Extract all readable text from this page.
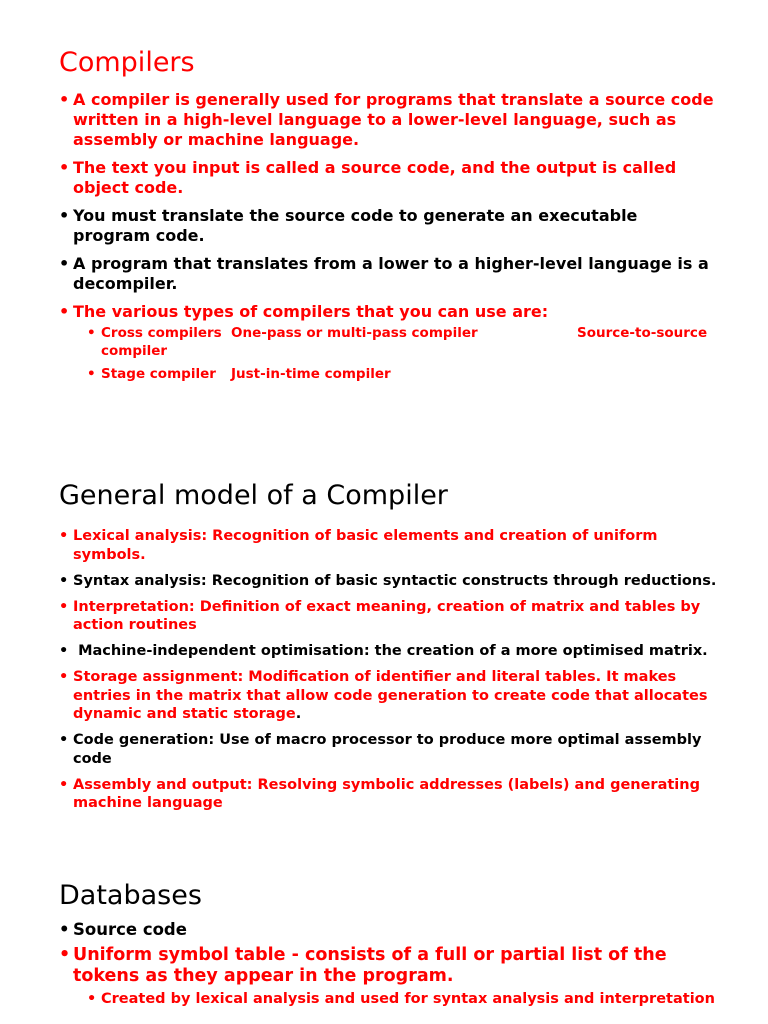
Compilers
• A compiler is generally used for programs that translate a source code written in a high-level language to a lower-level language, such as assembly or machine language.
• The text you input is called a source code, and the output is called object code.
• You must translate the source code to generate an executable program code.
• A program that translates from a lower to a higher-level language is a decompiler.
• The various types of compilers that you can use are:
• Cross compilers One-pass or multi-pass compiler	Source-to-source compiler
• Stage compiler Just-in-time compiler
General model of a Compiler
• Lexical analysis: Recognition of basic elements and creation of uniform symbols.
• Syntax analysis: Recognition of basic syntactic constructs through reductions.
• Interpretation: Definition of exact meaning, creation of matrix and tables by action routines
• Machine-independent optimisation: the creation of a more optimised matrix.
• Storage assignment: Modification of identifier and literal tables. It makes entries in the matrix that allow code generation to create code that allocates dynamic and static storage.
• Code generation: Use of macro processor to produce more optimal assembly code
• Assembly and output: Resolving symbolic addresses (labels) and generating machine language
Databases
• Source code
• Uniform symbol table - consists of a full or partial list of the tokens as they appear in the program.
• Created by lexical analysis and used for syntax analysis and interpretation
